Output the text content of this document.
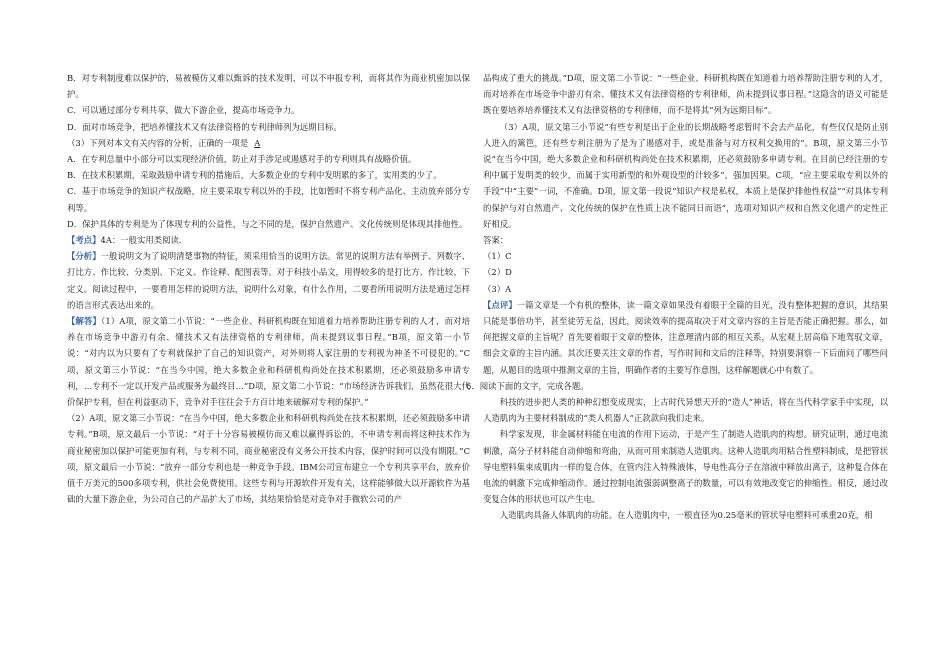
B．对专利制度难以保护的，易被模仿又难以甄诉的技术发明，可以不申报专利，而将其作为商业机密加以保护。

C．可以通过部分专利共享，做大下游企业，提高市场竞争力。

D．面对市场竞争，把培养懂技术又有法律资格的专利律师列为远期目标。

（3）下列对本文有关内容的分析，正确的一项是 A

A．在专利总量中小部分可以实现经济价值，防止对手涉足或遏感对手的专利则具有战略价值。

B．在技术积累期，采取鼓励申请专利的措施后，大多数企业的专利中发明累的多了，实用类的少了。

C．基于市场竞争的知识产权战略，应主要采取专利以外的手段，比如暂时不将专利产品化、主动放弃部分专利等。

D．保护具体的专利是为了体现专利的公益性，与之不同的是，保护自然遗产、文化传统则是体现其排他性。

【考点】4A：一般实用类阅读．

【分析】一般说明文为了说明清楚事物的特征，须采用恰当的说明方法。常见的说明方法有举例子、列数字、打比方、作比较、分类别、下定义、作诠释、配图表等。对于科技小品文，用得较多的是打比方、作比较、下定义。阅读过程中，一要看用怎样的说明方法，说明什么对象，有什么作用，二要看所用说明方法是通过怎样的语言形式表达出来的。

【解答】（1）A项，原文第二小节说：“一些企业、科研机构既在知道着力培养帮助注册专利的人才，而对培养在市场竞争中游刃有余、懂技术又有法律资格的专利律师，尚未提到议事日程。”B项，原文第一小节说：“对内以为只要有了专利就保护了自己的知识资产，对外则将人家注册的专利视为神圣不可侵犯的。”C项，原文第三小节说：“在当今中国，绝大多数企业和科研机构尚处在技术积累期，还必须鼓励多申请专利，…专利不一定以开发产品或服务为最终目…”D项，原文第二小节说：“市场经济告诉我们，虽然花很大代价保护专利，但在利益驱动下，竞争对手往往会千方百计地来破解对专利的保护。”

（2）A项，原文第三小节说：“在当今中国，绝大多数企业和科研机构尚处在技术积累期，还必须鼓励多申请专利。”B项，原文最后一小节说：“对于十分容易被模仿而又难以赢得诉讼的，不申请专利而将这种技术作为商业秘密加以保护可能更加有利，与专利不同，商业秘密没有义务公开技术内容，保护时间可以没有期限。”C项，原文最后一小节说：“放弃一部分专利也是一种竞争手段。IBM公司宣布建立一个专利共享平台，放弃价值千万美元的500多项专利，供社会免费使用。这些专利与开源软件开发有关，这样能够做大以开源软件为基础的大量下游企业，为公司自己的产品扩大了市场，其结果恰恰是对竞争对手微软公司的产

品构成了重大的挑战。”D项，原文第二小节说：“一些企业、科研机构既在知道着力培养帮助注册专利的人才，而对培养在市场竞争中游刃有余、懂技术又有法律资格的专利律师，尚未提到议事日程。”这隐含的语义可能是既在要培养培养懂技术又有法律资格的专利律师，而不是将其“列为远期目标”。

（3）A项，原文第三小节说“有些专利是出于企业的长期战略考虑暂时不会去产品化，有些仅仅是防止别人进入的篱笆，还有些专利注册为了是为了遏感对手，或是准备与对方权利交换用的”。B项，原文第三小节说“在当今中国，绝大多数企业和科研机构尚处在技术积累期，还必须鼓励多申请专利。在目前已经注册的专利中属于发明类的较少，而属于实用新型的和外观设型的计较多”，强加因果。C项，“应主要采取专利以外的手段”中“主要”一词，不准确。D项，原文第一段说“知识产权是私权，本质上是保护排他性权益”“对具体专利的保护与对自然遗产、文化传统的保护在性质上决不能同日而语”，选项对知识产权和自然文化遗产的定性正好相反。

答案：

（1）C

（2）D

（3）A

【点评】一篇文章是一个有机的整体，读一篇文章如果没有着眼于全篇的目光，没有整体把握的意识，其结果只能是事倍功半，甚至徒劳无益，因此，阅读效率的提高取决于对文章内容的主旨是否能正确把握。那么，如何把握文章的主旨呢？首先要着眼于文章的整体，注意理清内部的相互关系，从宏观上居高临下地驾驭文章，细会文章的主旨内涵。其次还要关注文章的作者，写作时间和文后的注释等，特别要洞察一下后面问了哪些问题，从题目的选项中推测文章的主旨，明确作者的主要写作意图，这样解题就心中有数了。

6．阅读下面的文字，完成各题。

科技的进步把人类的种种幻想变成现实，上古时代异想天开的“造人”神话，将在当代科学家手中实现，以人造肌肉为主要材料制成的“类人机器人”正款款向我们走来。

科学家发现，非金属材料能在电流的作用下运动，于是产生了制造人造肌肉的构想。研究证明，通过电流刺激，高分子材料能自动伸缩和弯曲，从而可用来制造人造肌肉。这种人造肌肉用粘合性塑料制成，是把管状导电塑料集束成肌肉一样的复合体，在管内注入特殊液体，导电性高分子在溶液中释放出离子，这种复合体在电流的刺激下完成伸缩动作。通过控制电流强弱调整离子的数量，可以有效地改变它的伸缩性。相反，通过改变复合体的形状也可以产生电。

人造肌肉具备人体肌肉的功能。在人造肌肉中，一根直径为0.25毫米的管状导电塑料可承重20克，相
